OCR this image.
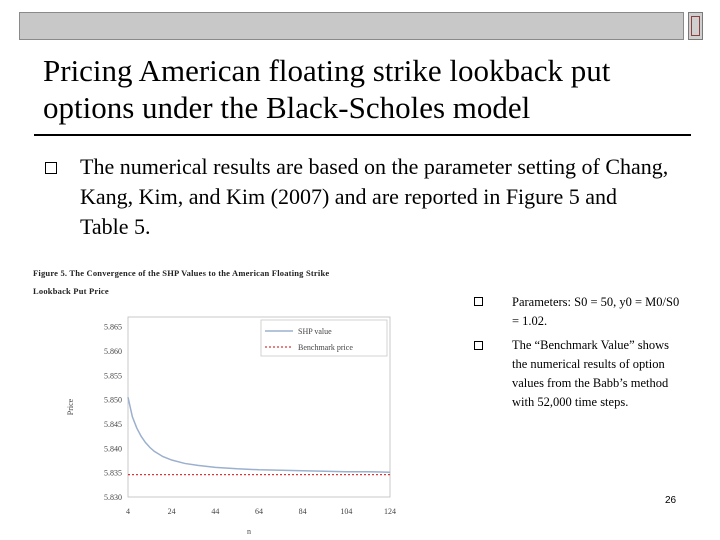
Pricing American floating strike lookback put
options under the Black-Scholes model
The numerical results are based on the parameter setting of Chang, Kang, Kim, and Kim (2007) and are reported in Figure 5 and Table 5.
Figure 5. The Convergence of the SHP Values to the American Floating Strike
Lookback Put Price
5.830
5.835
5.840
5.845
5.850
5.855
5.860
5.865
4	24	44	64	84	104	124
Price
n
SHP value
Benchmark price
Parameters: S0 = 50, y0 = M0/S0 = 1.02.
The “Benchmark Value” shows the numerical results of option values from the Babb’s method with 52,000 time steps.
26
